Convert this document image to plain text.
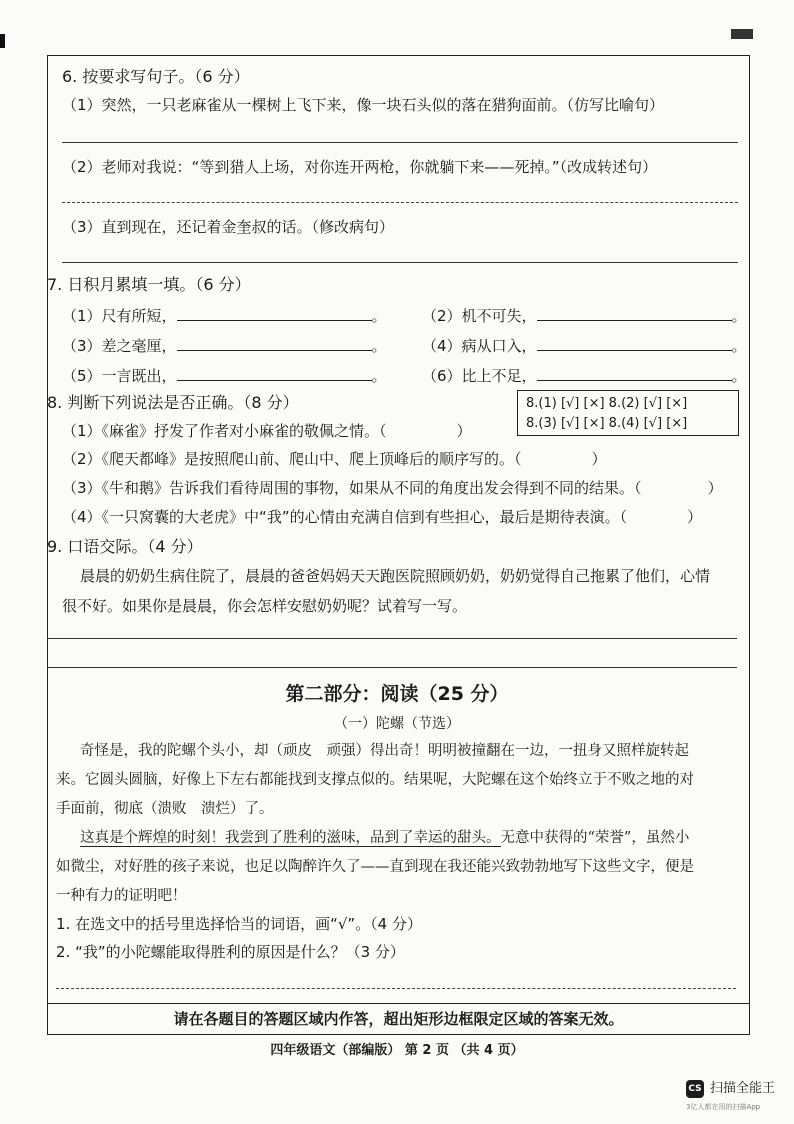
6. 按要求写句子。（6 分）
（1）突然，一只老麻雀从一棵树上飞下来，像一块石头似的落在猎狗面前。（仿写比喻句）
（2）老师对我说：“等到猎人上场，对你连开两枪，你就躺下来——死掉。”（改成转述句）
（3）直到现在，还记着金奎叔的话。（修改病句）
7. 日积月累填一填。（6 分）
（1）尺有所短，	。 （2）机不可失，	。
（3）差之毫厘，	。 （4）病从口入，	。
（5）一言既出，	。 （6）比上不足，	。
8. 判断下列说法是否正确。（8 分）	8.(1) [√] [×] 8.(2) [√] [×]
8.(3) [√] [×] 8.(4) [√] [×]
（1）《麻雀》抒发了作者对小麻雀的敬佩之情。（	）
（2）《爬天都峰》是按照爬山前、爬山中、爬上顶峰后的顺序写的。（	）
（3）《牛和鹅》告诉我们看待周围的事物，如果从不同的角度出发会得到不同的结果。（	）
（4）《一只窝囊的大老虎》中“我”的心情由充满自信到有些担心，最后是期待表演。（	）
9. 口语交际。（4 分）
晨晨的奶奶生病住院了，晨晨的爸爸妈妈天天跑医院照顾奶奶，奶奶觉得自己拖累了他们，心情
很不好。如果你是晨晨，你会怎样安慰奶奶呢？试着写一写。
第二部分：阅读（25 分）
（一）陀螺（节选）
奇怪是，我的陀螺个头小，却（顽皮　顽强）得出奇！明明被撞翻在一边，一扭身又照样旋转起
来。它圆头圆脑，好像上下左右都能找到支撑点似的。结果呢，大陀螺在这个始终立于不败之地的对
手面前，彻底（溃败　溃烂）了。
这真是个辉煌的时刻！我尝到了胜利的滋味，品到了幸运的甜头。无意中获得的“荣誉”，虽然小
如微尘，对好胜的孩子来说，也足以陶醉许久了——直到现在我还能兴致勃勃地写下这些文字，便是
一种有力的证明吧！
1. 在选文中的括号里选择恰当的词语，画“√”。（4 分）
2. “我”的小陀螺能取得胜利的原因是什么？（3 分）
请在各题目的答题区域内作答，超出矩形边框限定区域的答案无效。
四年级语文（部编版） 第 2 页 （共 4 页）
CS 扫描全能王
3亿人都在用的扫描App
